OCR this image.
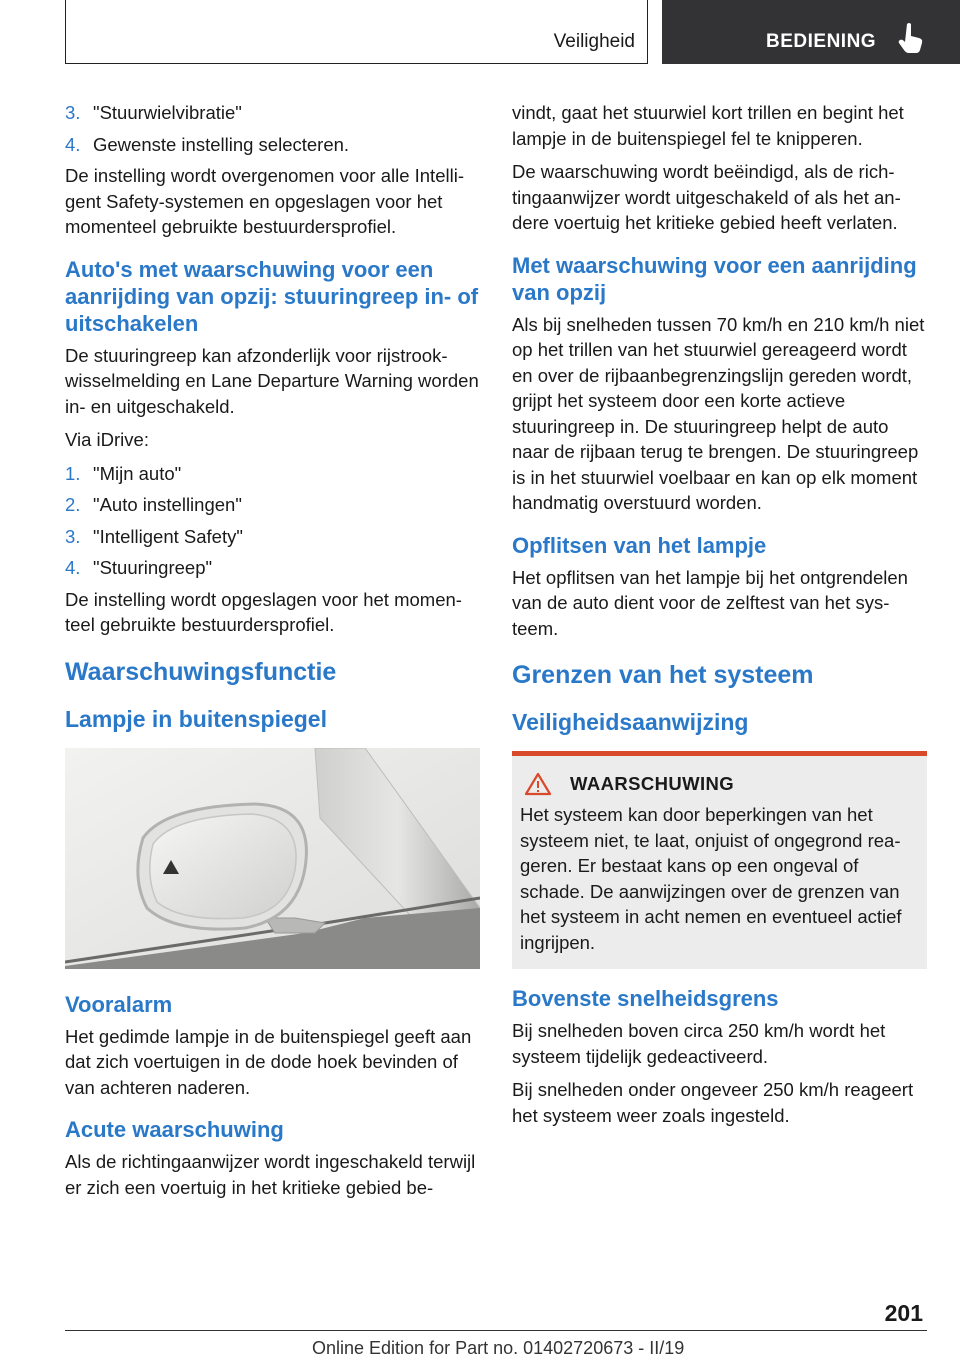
Veiligheid	BEDIENING
3. "Stuurwielvibratie"
4. Gewenste instelling selecteren.

De instelling wordt overgenomen voor alle Intelligent Safety-systemen en opgeslagen voor het momenteel gebruikte bestuurdersprofiel.

Auto's met waarschuwing voor een aanrijding van opzij: stuuringreep in- of uitschakelen

De stuuringreep kan afzonderlijk voor rijstrookwisselmelding en Lane Departure Warning worden in- en uitgeschakeld.

Via iDrive:

1. "Mijn auto"
2. "Auto instellingen"
3. "Intelligent Safety"
4. "Stuuringreep"

De instelling wordt opgeslagen voor het momenteel gebruikte bestuurdersprofiel.

Waarschuwingsfunctie
Lampje in buitenspiegel
Vooralarm

Het gedimde lampje in de buitenspiegel geeft aan dat zich voertuigen in de dode hoek bevinden of van achteren naderen.

Acute waarschuwing

Als de richtingaanwijzer wordt ingeschakeld terwijl er zich een voertuig in het kritieke gebied be-

vindt, gaat het stuurwiel kort trillen en begint het lampje in de buitenspiegel fel te knipperen.

De waarschuwing wordt beëindigd, als de richtingaanwijzer wordt uitgeschakeld of als het andere voertuig het kritieke gebied heeft verlaten.

Met waarschuwing voor een aanrijding van opzij

Als bij snelheden tussen 70 km/h en 210 km/h niet op het trillen van het stuurwiel gereageerd wordt en over de rijbaanbegrenzingslijn gereden wordt, grijpt het systeem door een korte actieve stuuringreep in. De stuuringreep helpt de auto naar de rijbaan terug te brengen. De stuuringreep is in het stuurwiel voelbaar en kan op elk moment handmatig overstuurd worden.

Opflitsen van het lampje

Het opflitsen van het lampje bij het ontgrendelen van de auto dient voor de zelftest van het systeem.

Grenzen van het systeem
Veiligheidsaanwijzing
WAARSCHUWING

Het systeem kan door beperkingen van het systeem niet, te laat, onjuist of ongegrond reageren. Er bestaat kans op een ongeval of schade. De aanwijzingen over de grenzen van het systeem in acht nemen en eventueel actief ingrijpen.

Bovenste snelheidsgrens

Bij snelheden boven circa 250 km/h wordt het systeem tijdelijk gedeactiveerd.

Bij snelheden onder ongeveer 250 km/h reageert het systeem weer zoals ingesteld.

201
Online Edition for Part no. 01402720673 - II/19
